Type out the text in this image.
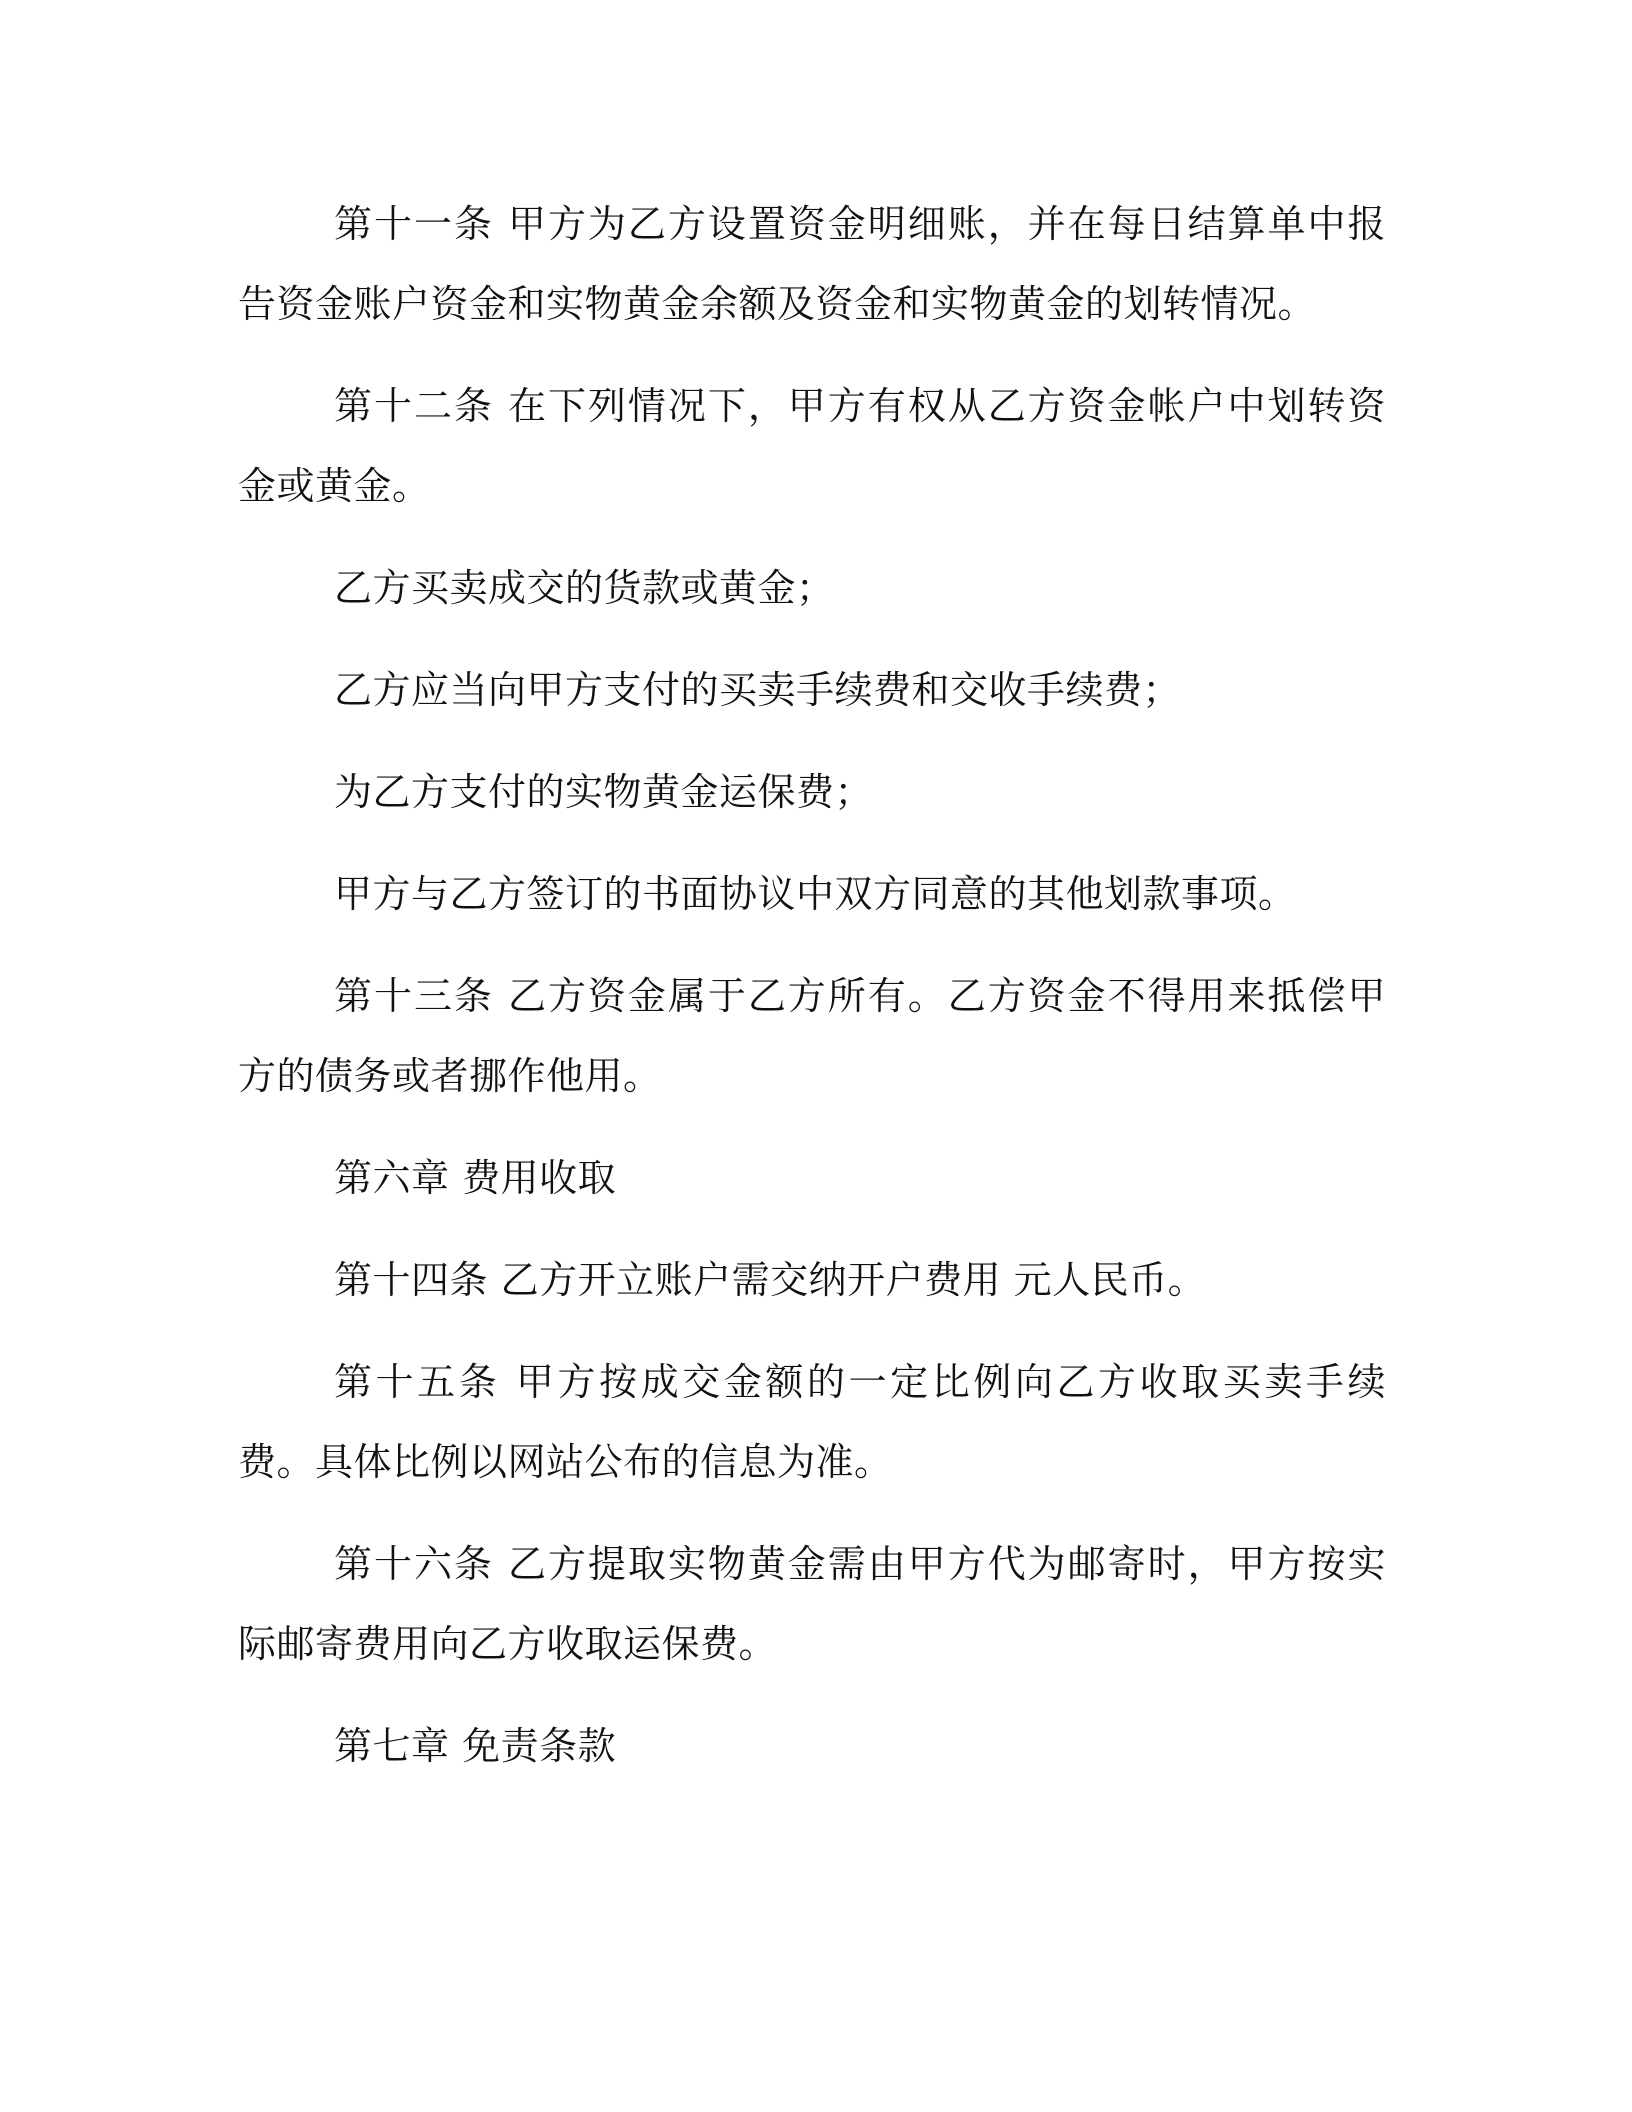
第十一条 甲方为乙方设置资金明细账，并在每日结算单中报告资金账户资金和实物黄金余额及资金和实物黄金的划转情况。

第十二条 在下列情况下，甲方有权从乙方资金帐户中划转资金或黄金。

乙方买卖成交的货款或黄金；

乙方应当向甲方支付的买卖手续费和交收手续费；

为乙方支付的实物黄金运保费；

甲方与乙方签订的书面协议中双方同意的其他划款事项。

第十三条 乙方资金属于乙方所有。乙方资金不得用来抵偿甲方的债务或者挪作他用。

第六章 费用收取

第十四条 乙方开立账户需交纳开户费用 元人民币。

第十五条 甲方按成交金额的一定比例向乙方收取买卖手续费。具体比例以网站公布的信息为准。

第十六条 乙方提取实物黄金需由甲方代为邮寄时，甲方按实际邮寄费用向乙方收取运保费。

第七章 免责条款
